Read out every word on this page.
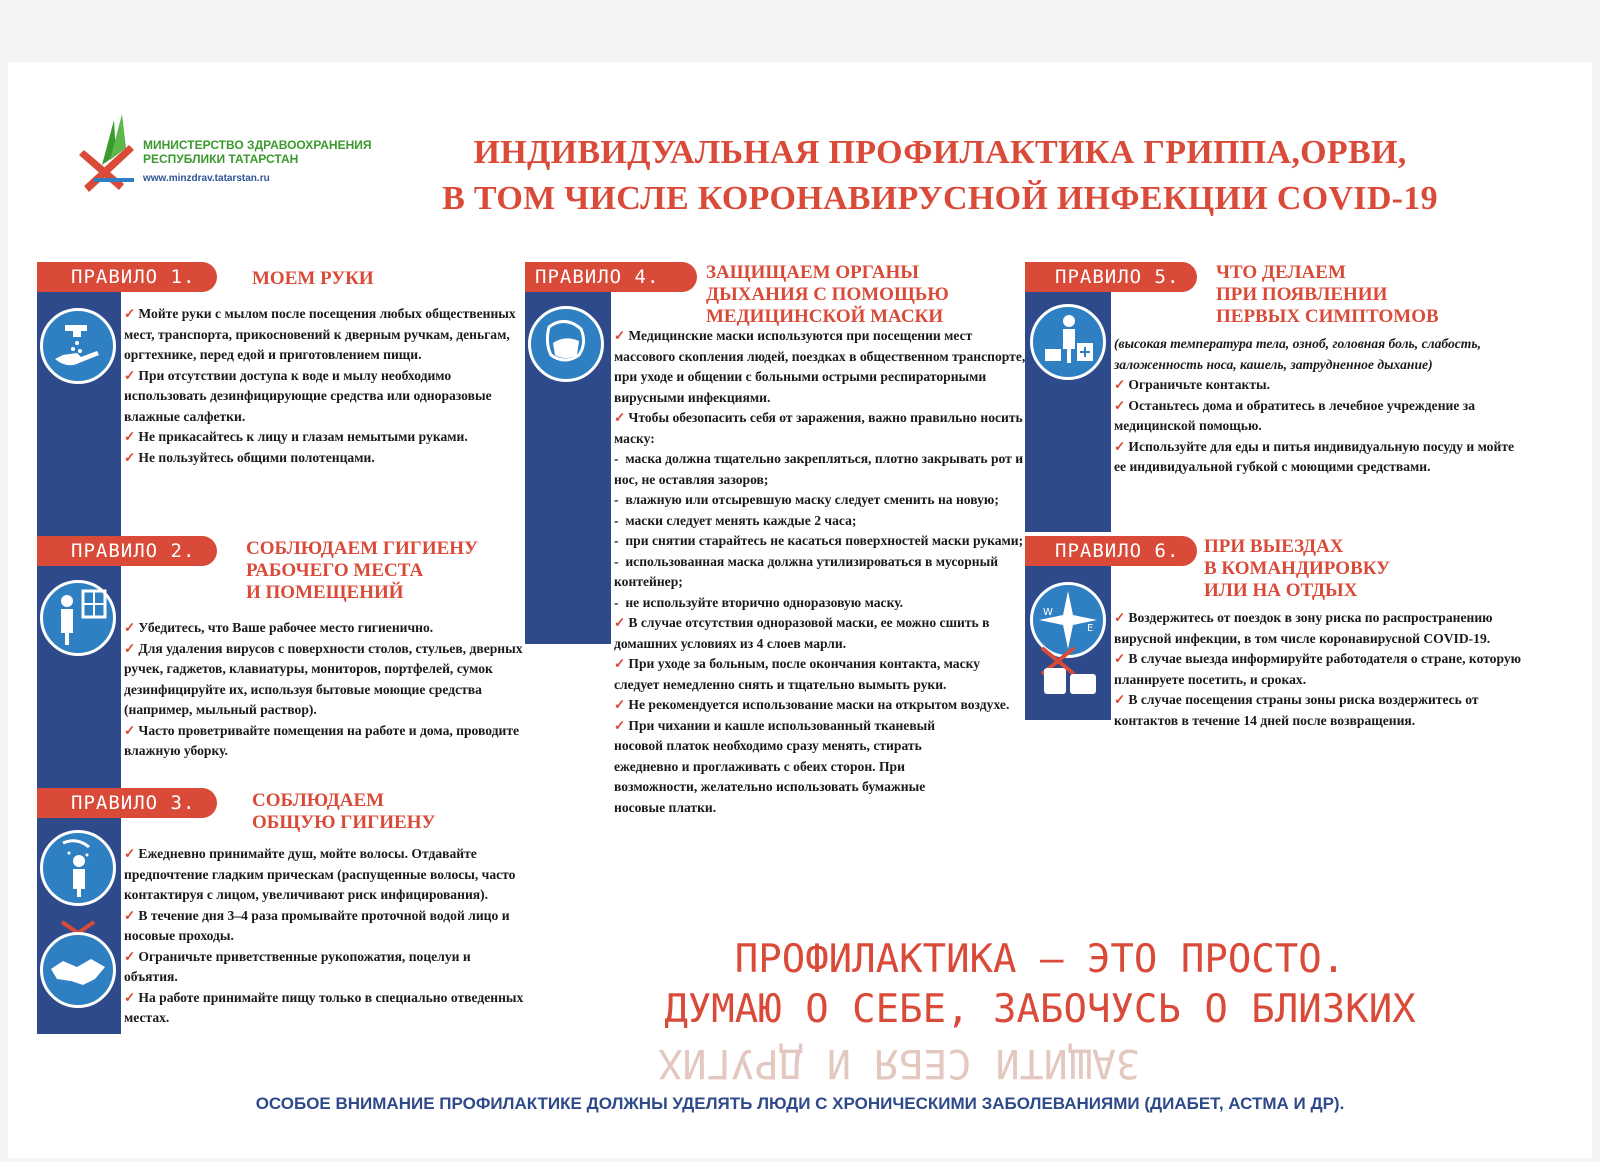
ЗАЩИТИ СЕБЯ И ДРУГИХ
МИНИСТЕРСТВО ЗДРАВООХРАНЕНИЯ
РЕСПУБЛИКИ ТАТАРСТАН
www.minzdrav.tatarstan.ru
ИНДИВИДУАЛЬНАЯ ПРОФИЛАКТИКА ГРИППА,ОРВИ,
В ТОМ ЧИСЛЕ КОРОНАВИРУСНОЙ ИНФЕКЦИИ COVID-19
ПРАВИЛО 1.	МОЕМ РУКИ

✓ Мойте руки с мылом после посещения любых общественных мест, транспорта, прикосновений к дверным ручкам, деньгам, оргтехнике, перед едой и приготовлением пищи.

✓ При отсутствии доступа к воде и мылу необходимо использовать дезинфицирующие средства или одноразовые влажные салфетки.

✓ Не прикасайтесь к лицу и глазам немытыми руками.

✓ Не пользуйтесь общими полотенцами.

ПРАВИЛО 2.	СОБЛЮДАЕМ ГИГИЕНУ
РАБОЧЕГО МЕСТА
И ПОМЕЩЕНИЙ

✓ Убедитесь, что Ваше рабочее место гигиенично.

✓ Для удаления вирусов с поверхности столов, стульев, дверных ручек, гаджетов, клавиатуры, мониторов, портфелей, сумок дезинфицируйте их, используя бытовые моющие средства (например, мыльный раствор).

✓ Часто проветривайте помещения на работе и дома, проводите влажную уборку.

ПРАВИЛО 3.	СОБЛЮДАЕМ
ОБЩУЮ ГИГИЕНУ

✓ Ежедневно принимайте душ, мойте волосы. Отдавайте предпочтение гладким прическам (распущенные волосы, часто контактируя с лицом, увеличивают риск инфицирования).

✓ В течение дня 3–4 раза промывайте проточной водой лицо и носовые проходы.

✓ Ограничьте приветственные рукопожатия, поцелуи и объятия.

✓ На работе принимайте пищу только в специально отведенных местах.

ПРАВИЛО 4.	ЗАЩИЩАЕМ ОРГАНЫ
ДЫХАНИЯ С ПОМОЩЬЮ
МЕДИЦИНСКОЙ МАСКИ

✓ Медицинские маски используются при посещении мест массового скопления людей, поездках в общественном транспорте, при уходе и общении с больными острыми респираторными вирусными инфекциями.

✓ Чтобы обезопасить себя от заражения, важно правильно носить маску:

- маска должна тщательно закрепляться, плотно закрывать рот и нос, не оставляя зазоров;

- влажную или отсыревшую маску следует сменить на новую;

- маски следует менять каждые 2 часа;

- при снятии старайтесь не касаться поверхностей маски руками;

- использованная маска должна утилизироваться в мусорный контейнер;

- не используйте вторично одноразовую маску.

✓ В случае отсутствия одноразовой маски, ее можно сшить в домашних условиях из 4 слоев марли.

✓ При уходе за больным, после окончания контакта, маску следует немедленно снять и тщательно вымыть руки.

✓ Не рекомендуется использование маски на открытом воздухе.

✓ При чихании и кашле использованный тканевый носовой платок необходимо сразу менять, стирать ежедневно и проглаживать с обеих сторон. При возможности, желательно использовать бумажные носовые платки.

ПРАВИЛО 5.	ЧТО ДЕЛАЕМ
ПРИ ПОЯВЛЕНИИ
ПЕРВЫХ СИМПТОМОВ

(высокая температура тела, озноб, головная боль, слабость, заложенность носа, кашель, затрудненное дыхание)

✓ Ограничьте контакты.

✓ Останьтесь дома и обратитесь в лечебное учреждение за медицинской помощью.

✓ Используйте для еды и питья индивидуальную посуду и мойте ее индивидуальной губкой с моющими средствами.

ПРАВИЛО 6.	ПРИ ВЫЕЗДАХ
В КОМАНДИРОВКУ
ИЛИ НА ОТДЫХ
W
E

✓ Воздержитесь от поездок в зону риска по распространению вирусной инфекции, в том числе коронавирусной COVID-19.

✓ В случае выезда информируйте работодателя о стране, которую планируете посетить, и сроках.

✓ В случае посещения страны зоны риска воздержитесь от контактов в течение 14 дней после возвращения.

ПРОФИЛАКТИКА – ЭТО ПРОСТО.
ДУМАЮ О СЕБЕ, ЗАБОЧУСЬ О БЛИЗКИХ
ОСОБОЕ ВНИМАНИЕ ПРОФИЛАКТИКЕ ДОЛЖНЫ УДЕЛЯТЬ ЛЮДИ С ХРОНИЧЕСКИМИ ЗАБОЛЕВАНИЯМИ (ДИАБЕТ, АСТМА И ДР).
